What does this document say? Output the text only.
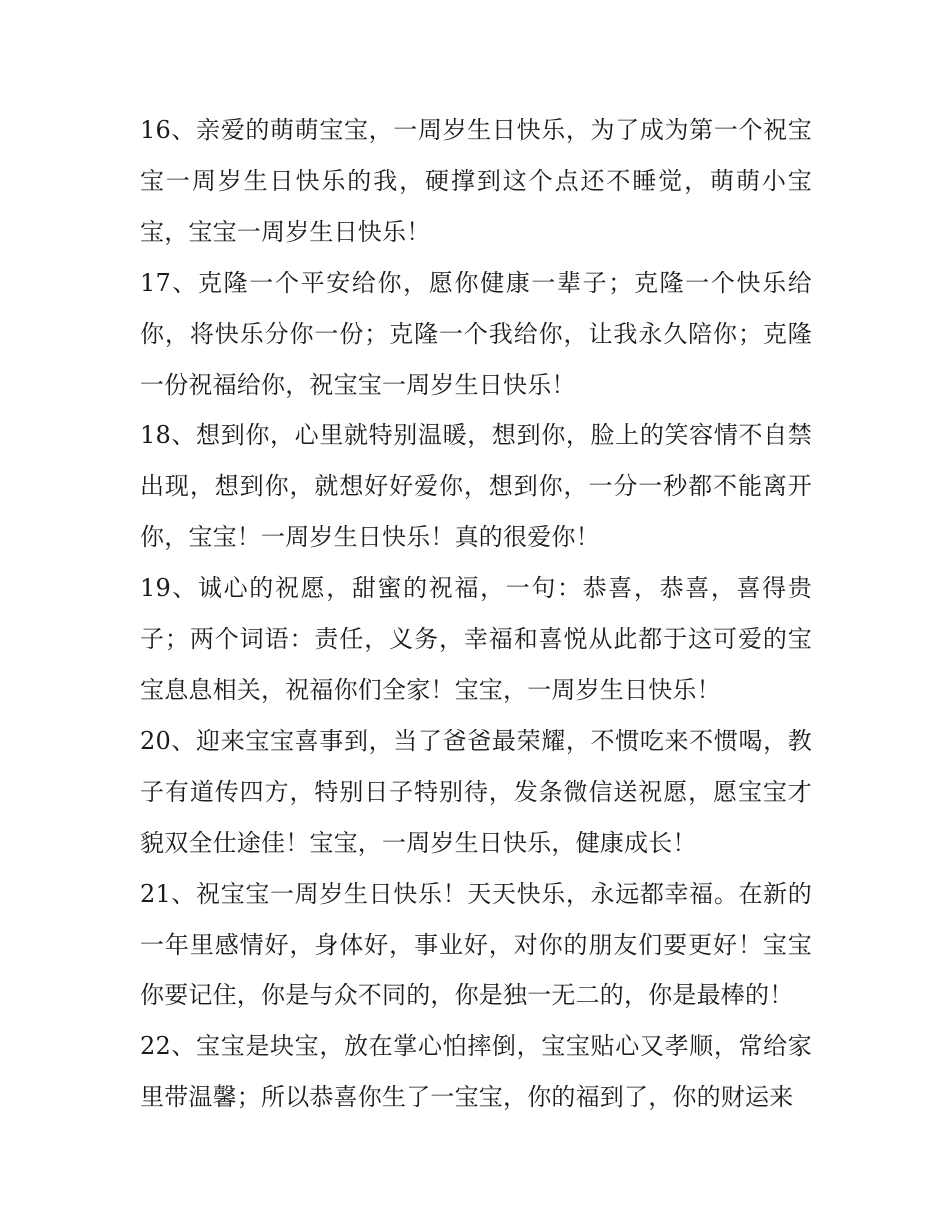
16、亲爱的萌萌宝宝，一周岁生日快乐，为了成为第一个祝宝宝一周岁生日快乐的我，硬撑到这个点还不睡觉，萌萌小宝宝，宝宝一周岁生日快乐！

17、克隆一个平安给你，愿你健康一辈子；克隆一个快乐给你，将快乐分你一份；克隆一个我给你，让我永久陪你；克隆一份祝福给你，祝宝宝一周岁生日快乐！

18、想到你，心里就特别温暖，想到你，脸上的笑容情不自禁出现，想到你，就想好好爱你，想到你，一分一秒都不能离开你，宝宝！一周岁生日快乐！真的很爱你！

19、诚心的祝愿，甜蜜的祝福，一句：恭喜，恭喜，喜得贵子；两个词语：责任，义务，幸福和喜悦从此都于这可爱的宝宝息息相关，祝福你们全家！宝宝，一周岁生日快乐！

20、迎来宝宝喜事到，当了爸爸最荣耀，不惯吃来不惯喝，教子有道传四方，特别日子特别待，发条微信送祝愿，愿宝宝才貌双全仕途佳！宝宝，一周岁生日快乐，健康成长！

21、祝宝宝一周岁生日快乐！天天快乐，永远都幸福。在新的一年里感情好，身体好，事业好，对你的朋友们要更好！宝宝你要记住，你是与众不同的，你是独一无二的，你是最棒的！

22、宝宝是块宝，放在掌心怕摔倒，宝宝贴心又孝顺，常给家里带温馨；所以恭喜你生了一宝宝，你的福到了，你的财运来
